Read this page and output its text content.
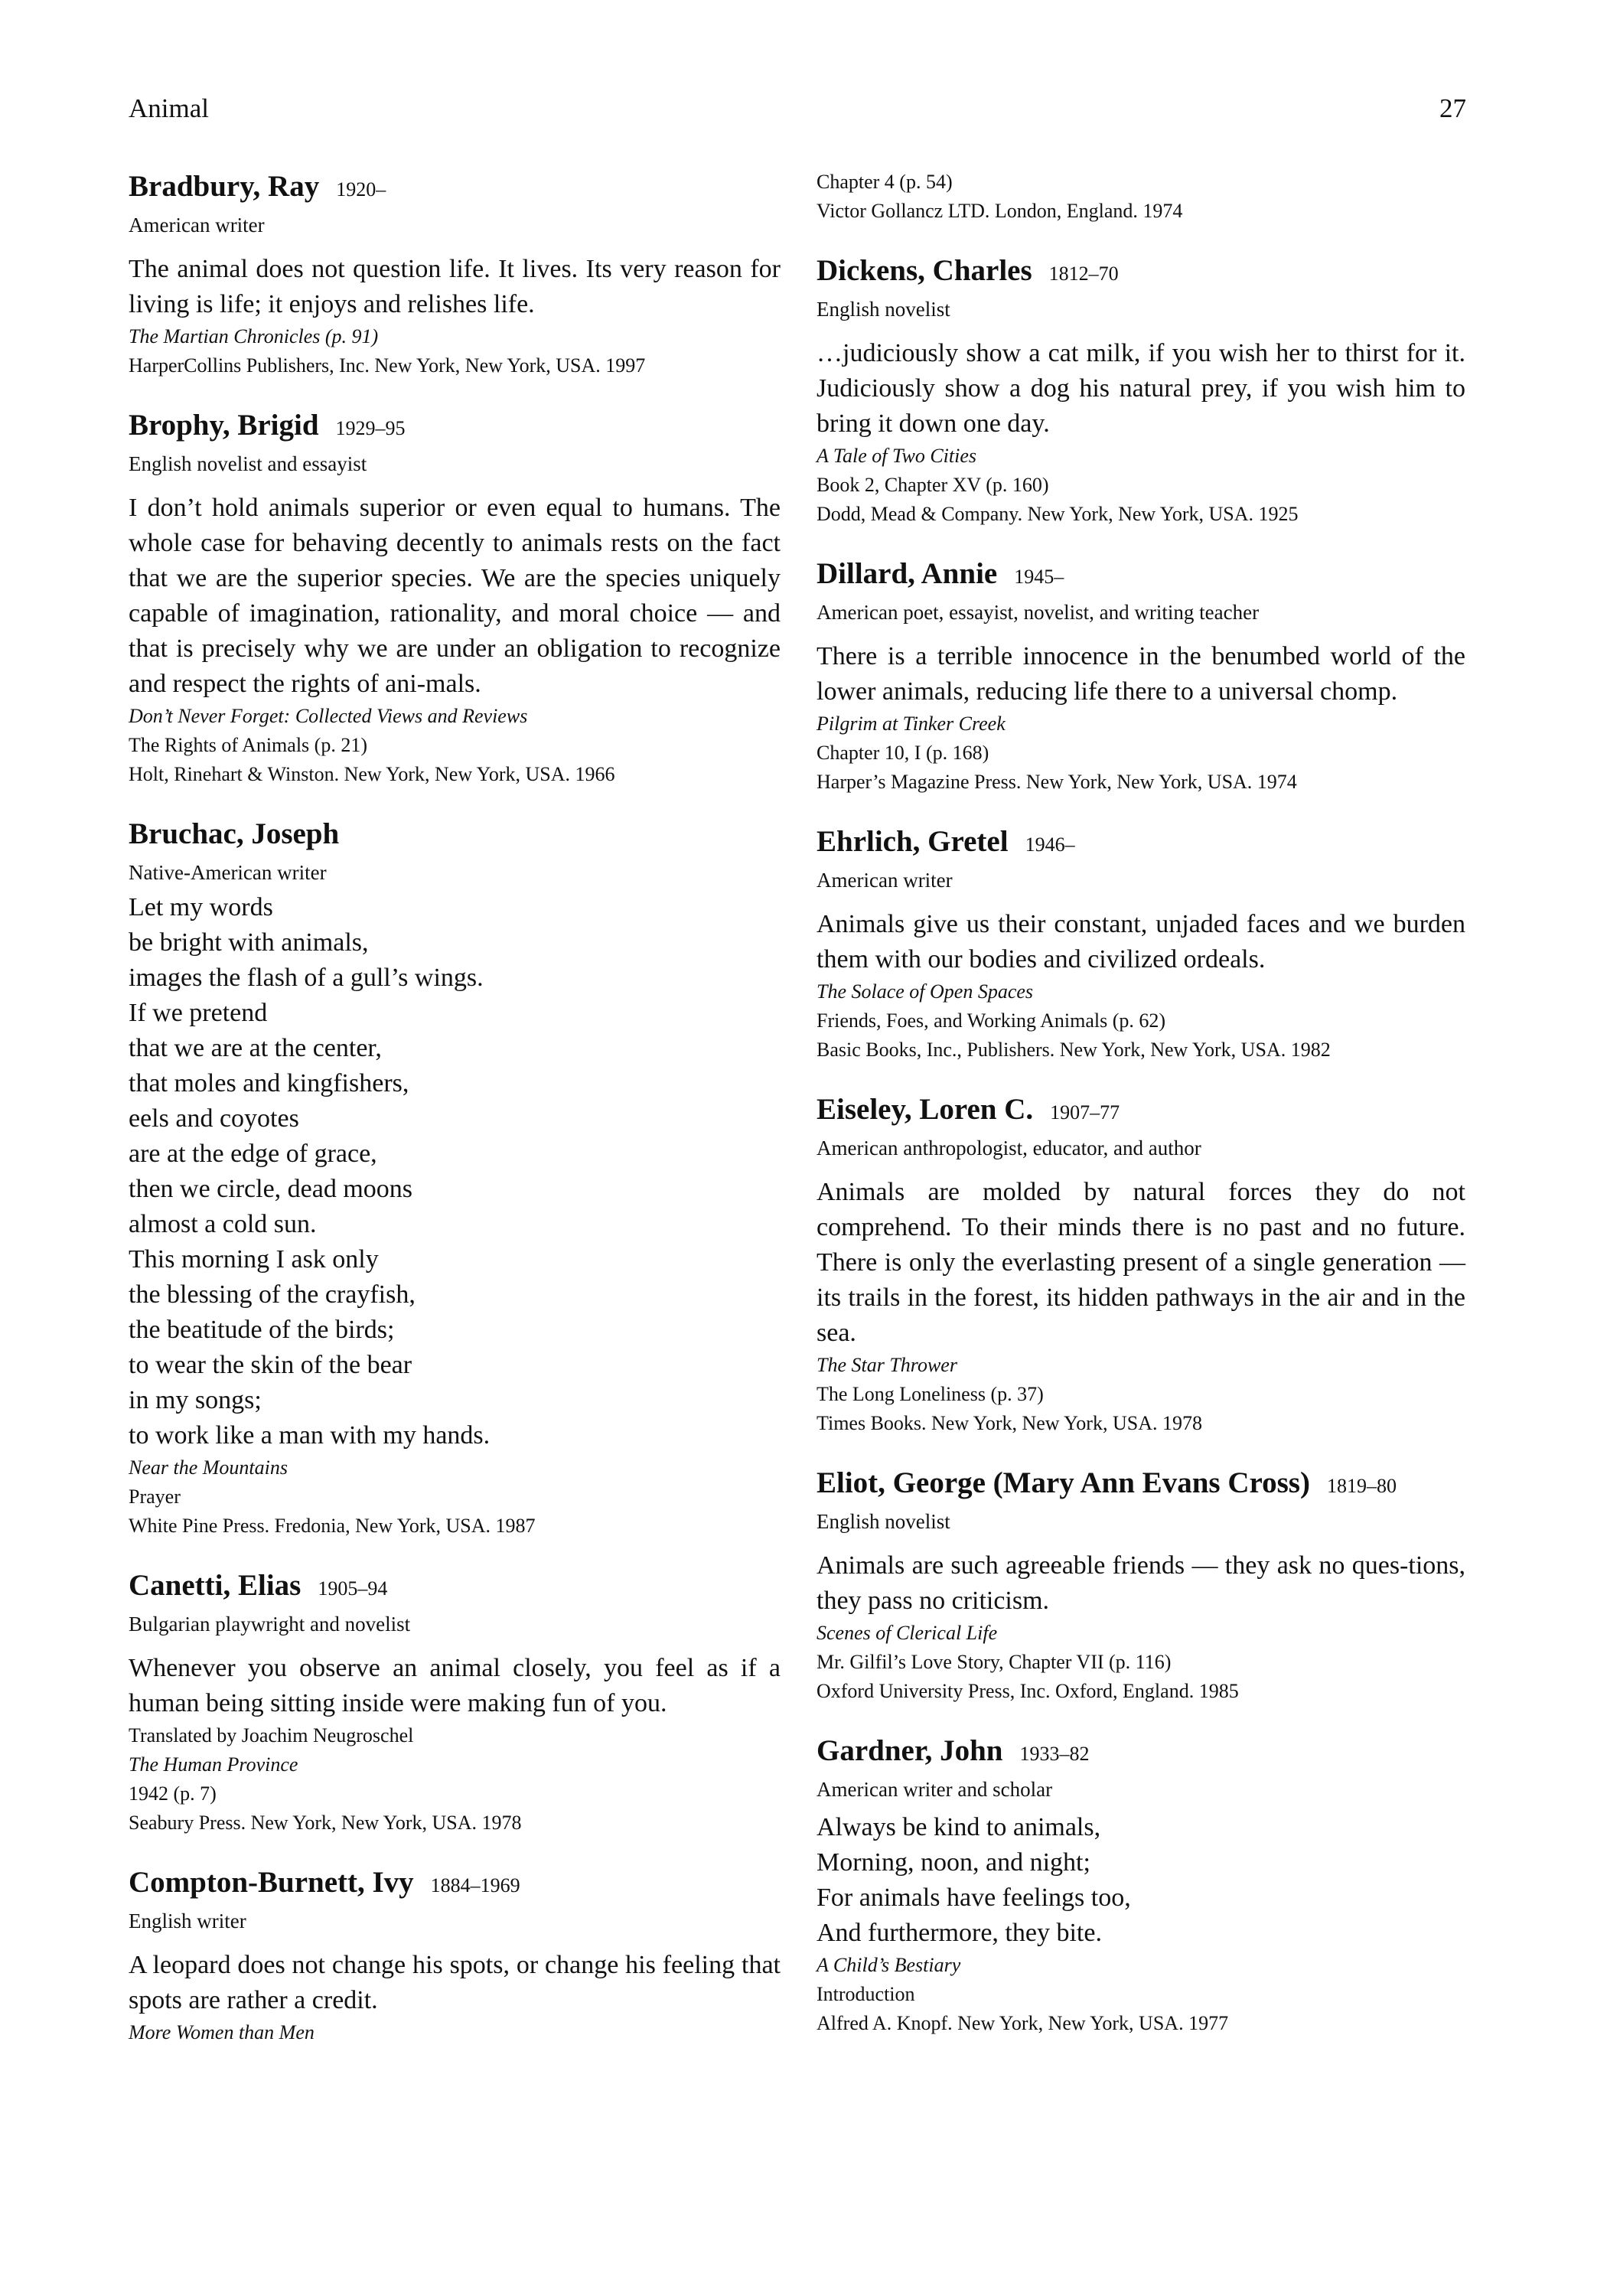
Animal	27
Bradbury, Ray 1920–
American writer
The animal does not question life. It lives. Its very reason for living is life; it enjoys and relishes life.
The Martian Chronicles (p. 91)
HarperCollins Publishers, Inc. New York, New York, USA. 1997
Brophy, Brigid 1929–95
English novelist and essayist
I don’t hold animals superior or even equal to humans. The whole case for behaving decently to animals rests on the fact that we are the superior species. We are the species uniquely capable of imagination, rationality, and moral choice — and that is precisely why we are under an obligation to recognize and respect the rights of ani-mals.
Don’t Never Forget: Collected Views and Reviews
The Rights of Animals (p. 21)
Holt, Rinehart & Winston. New York, New York, USA. 1966
Bruchac, Joseph
Native-American writer
Let my words
be bright with animals,
images the flash of a gull’s wings.
If we pretend
that we are at the center,
that moles and kingfishers,
eels and coyotes
are at the edge of grace,
then we circle, dead moons
almost a cold sun.
This morning I ask only
the blessing of the crayfish,
the beatitude of the birds;
to wear the skin of the bear
in my songs;
to work like a man with my hands.
Near the Mountains
Prayer
White Pine Press. Fredonia, New York, USA. 1987
Canetti, Elias 1905–94
Bulgarian playwright and novelist
Whenever you observe an animal closely, you feel as if a human being sitting inside were making fun of you.
Translated by Joachim Neugroschel
The Human Province
1942 (p. 7)
Seabury Press. New York, New York, USA. 1978
Compton-Burnett, Ivy 1884–1969
English writer
A leopard does not change his spots, or change his feeling that spots are rather a credit.
More Women than Men
Chapter 4 (p. 54)
Victor Gollancz LTD. London, England. 1974
Dickens, Charles 1812–70
English novelist
…judiciously show a cat milk, if you wish her to thirst for it. Judiciously show a dog his natural prey, if you wish him to bring it down one day.
A Tale of Two Cities
Book 2, Chapter XV (p. 160)
Dodd, Mead & Company. New York, New York, USA. 1925
Dillard, Annie 1945–
American poet, essayist, novelist, and writing teacher
There is a terrible innocence in the benumbed world of the lower animals, reducing life there to a universal chomp.
Pilgrim at Tinker Creek
Chapter 10, I (p. 168)
Harper’s Magazine Press. New York, New York, USA. 1974
Ehrlich, Gretel 1946–
American writer
Animals give us their constant, unjaded faces and we burden them with our bodies and civilized ordeals.
The Solace of Open Spaces
Friends, Foes, and Working Animals (p. 62)
Basic Books, Inc., Publishers. New York, New York, USA. 1982
Eiseley, Loren C. 1907–77
American anthropologist, educator, and author
Animals are molded by natural forces they do not comprehend. To their minds there is no past and no future. There is only the everlasting present of a single generation — its trails in the forest, its hidden pathways in the air and in the sea.
The Star Thrower
The Long Loneliness (p. 37)
Times Books. New York, New York, USA. 1978
Eliot, George (Mary Ann Evans Cross) 1819–80
English novelist
Animals are such agreeable friends — they ask no ques-tions, they pass no criticism.
Scenes of Clerical Life
Mr. Gilfil’s Love Story, Chapter VII (p. 116)
Oxford University Press, Inc. Oxford, England. 1985
Gardner, John 1933–82
American writer and scholar
Always be kind to animals,
Morning, noon, and night;
For animals have feelings too,
And furthermore, they bite.
A Child’s Bestiary
Introduction
Alfred A. Knopf. New York, New York, USA. 1977
